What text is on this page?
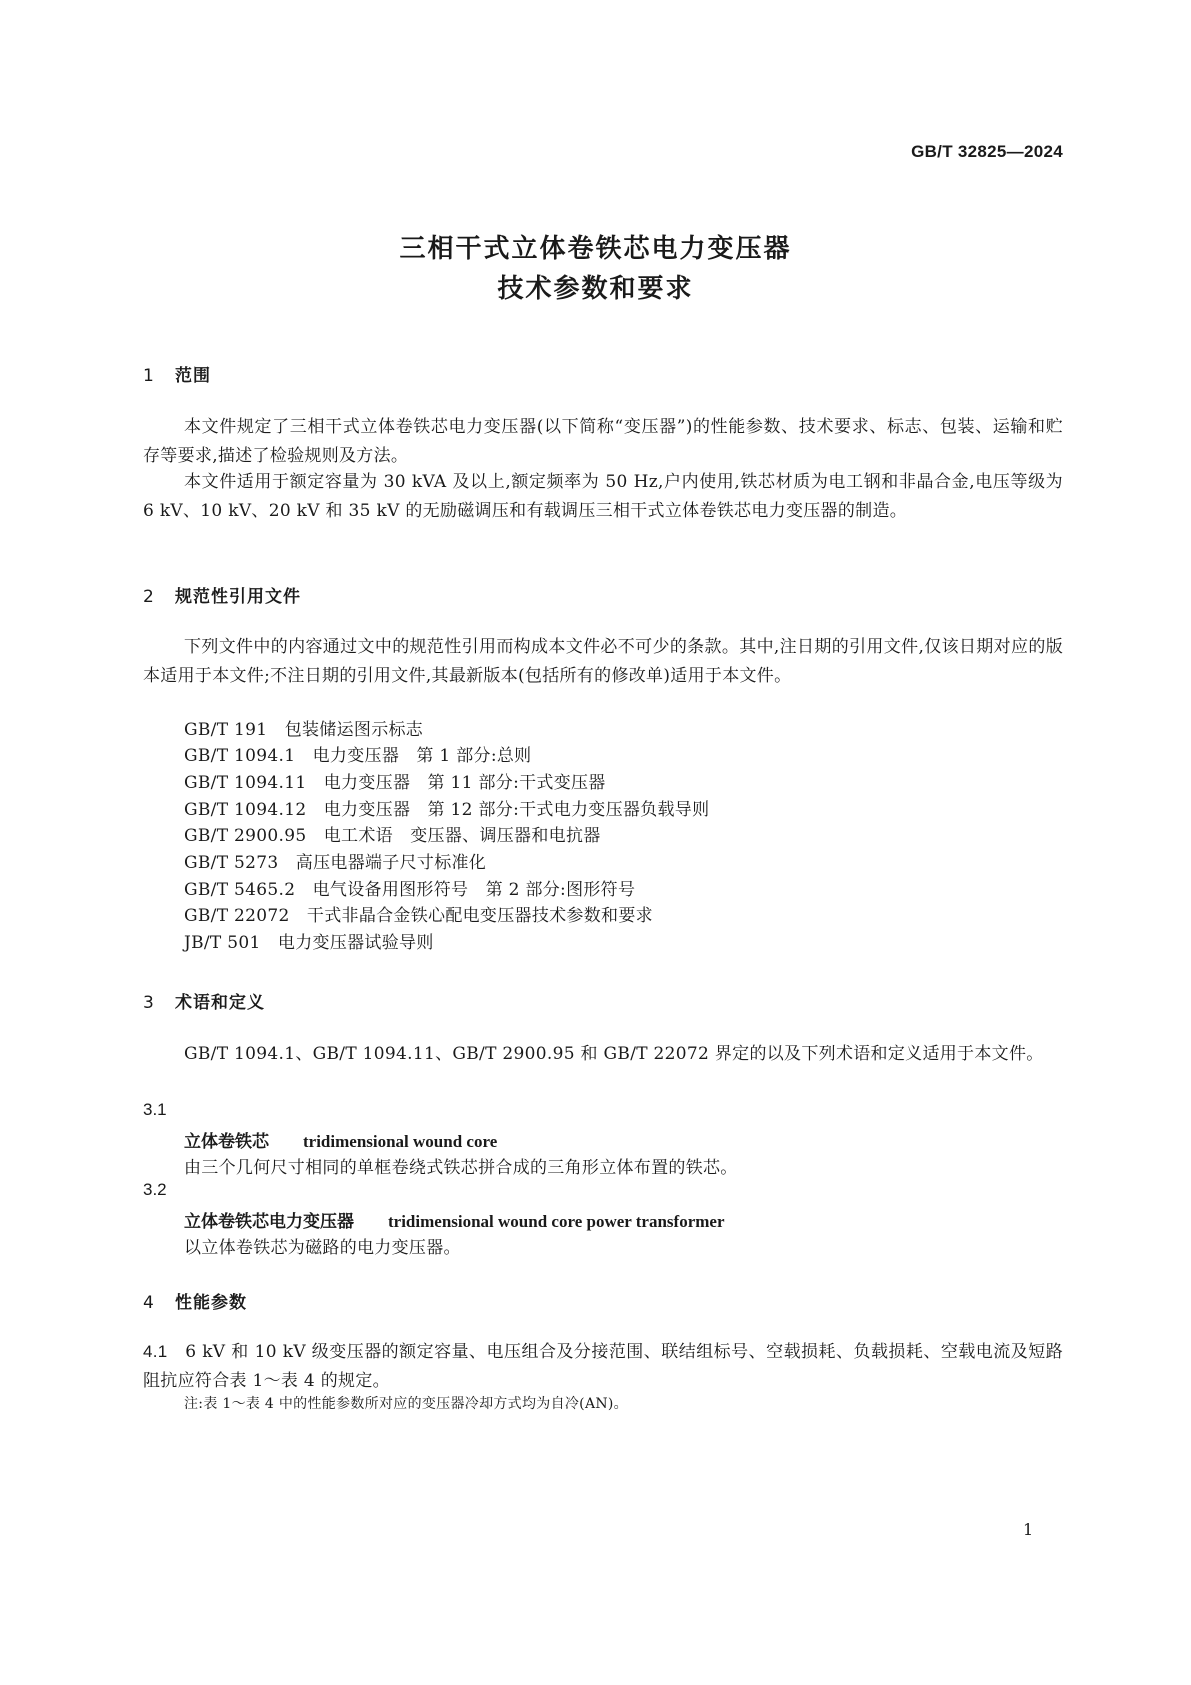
GB/T 32825—2024
三相干式立体卷铁芯电力变压器
技术参数和要求
1 范围
本文件规定了三相干式立体卷铁芯电力变压器(以下简称“变压器”)的性能参数、技术要求、标志、包装、运输和贮存等要求,描述了检验规则及方法。
本文件适用于额定容量为 30 kVA 及以上,额定频率为 50 Hz,户内使用,铁芯材质为电工钢和非晶合金,电压等级为 6 kV、10 kV、20 kV 和 35 kV 的无励磁调压和有载调压三相干式立体卷铁芯电力变压器的制造。
2 规范性引用文件
下列文件中的内容通过文中的规范性引用而构成本文件必不可少的条款。其中,注日期的引用文件,仅该日期对应的版本适用于本文件;不注日期的引用文件,其最新版本(包括所有的修改单)适用于本文件。
GB/T 191　包装储运图示标志
GB/T 1094.1　电力变压器　第 1 部分:总则
GB/T 1094.11　电力变压器　第 11 部分:干式变压器
GB/T 1094.12　电力变压器　第 12 部分:干式电力变压器负载导则
GB/T 2900.95　电工术语　变压器、调压器和电抗器
GB/T 5273　高压电器端子尺寸标准化
GB/T 5465.2　电气设备用图形符号　第 2 部分:图形符号
GB/T 22072　干式非晶合金铁心配电变压器技术参数和要求
JB/T 501　电力变压器试验导则
3 术语和定义
GB/T 1094.1、GB/T 1094.11、GB/T 2900.95 和 GB/T 22072 界定的以及下列术语和定义适用于本文件。
3.1
立体卷铁芯　　 tridimensional wound core
由三个几何尺寸相同的单框卷绕式铁芯拼合成的三角形立体布置的铁芯。
3.2
立体卷铁芯电力变压器　　 tridimensional wound core power transformer
以立体卷铁芯为磁路的电力变压器。
4 性能参数
4.1　 6 kV 和 10 kV 级变压器的额定容量、电压组合及分接范围、联结组标号、空载损耗、负载损耗、空载电流及短路阻抗应符合表 1～表 4 的规定。
注:表 1～表 4 中的性能参数所对应的变压器冷却方式均为自冷(AN)。
1
